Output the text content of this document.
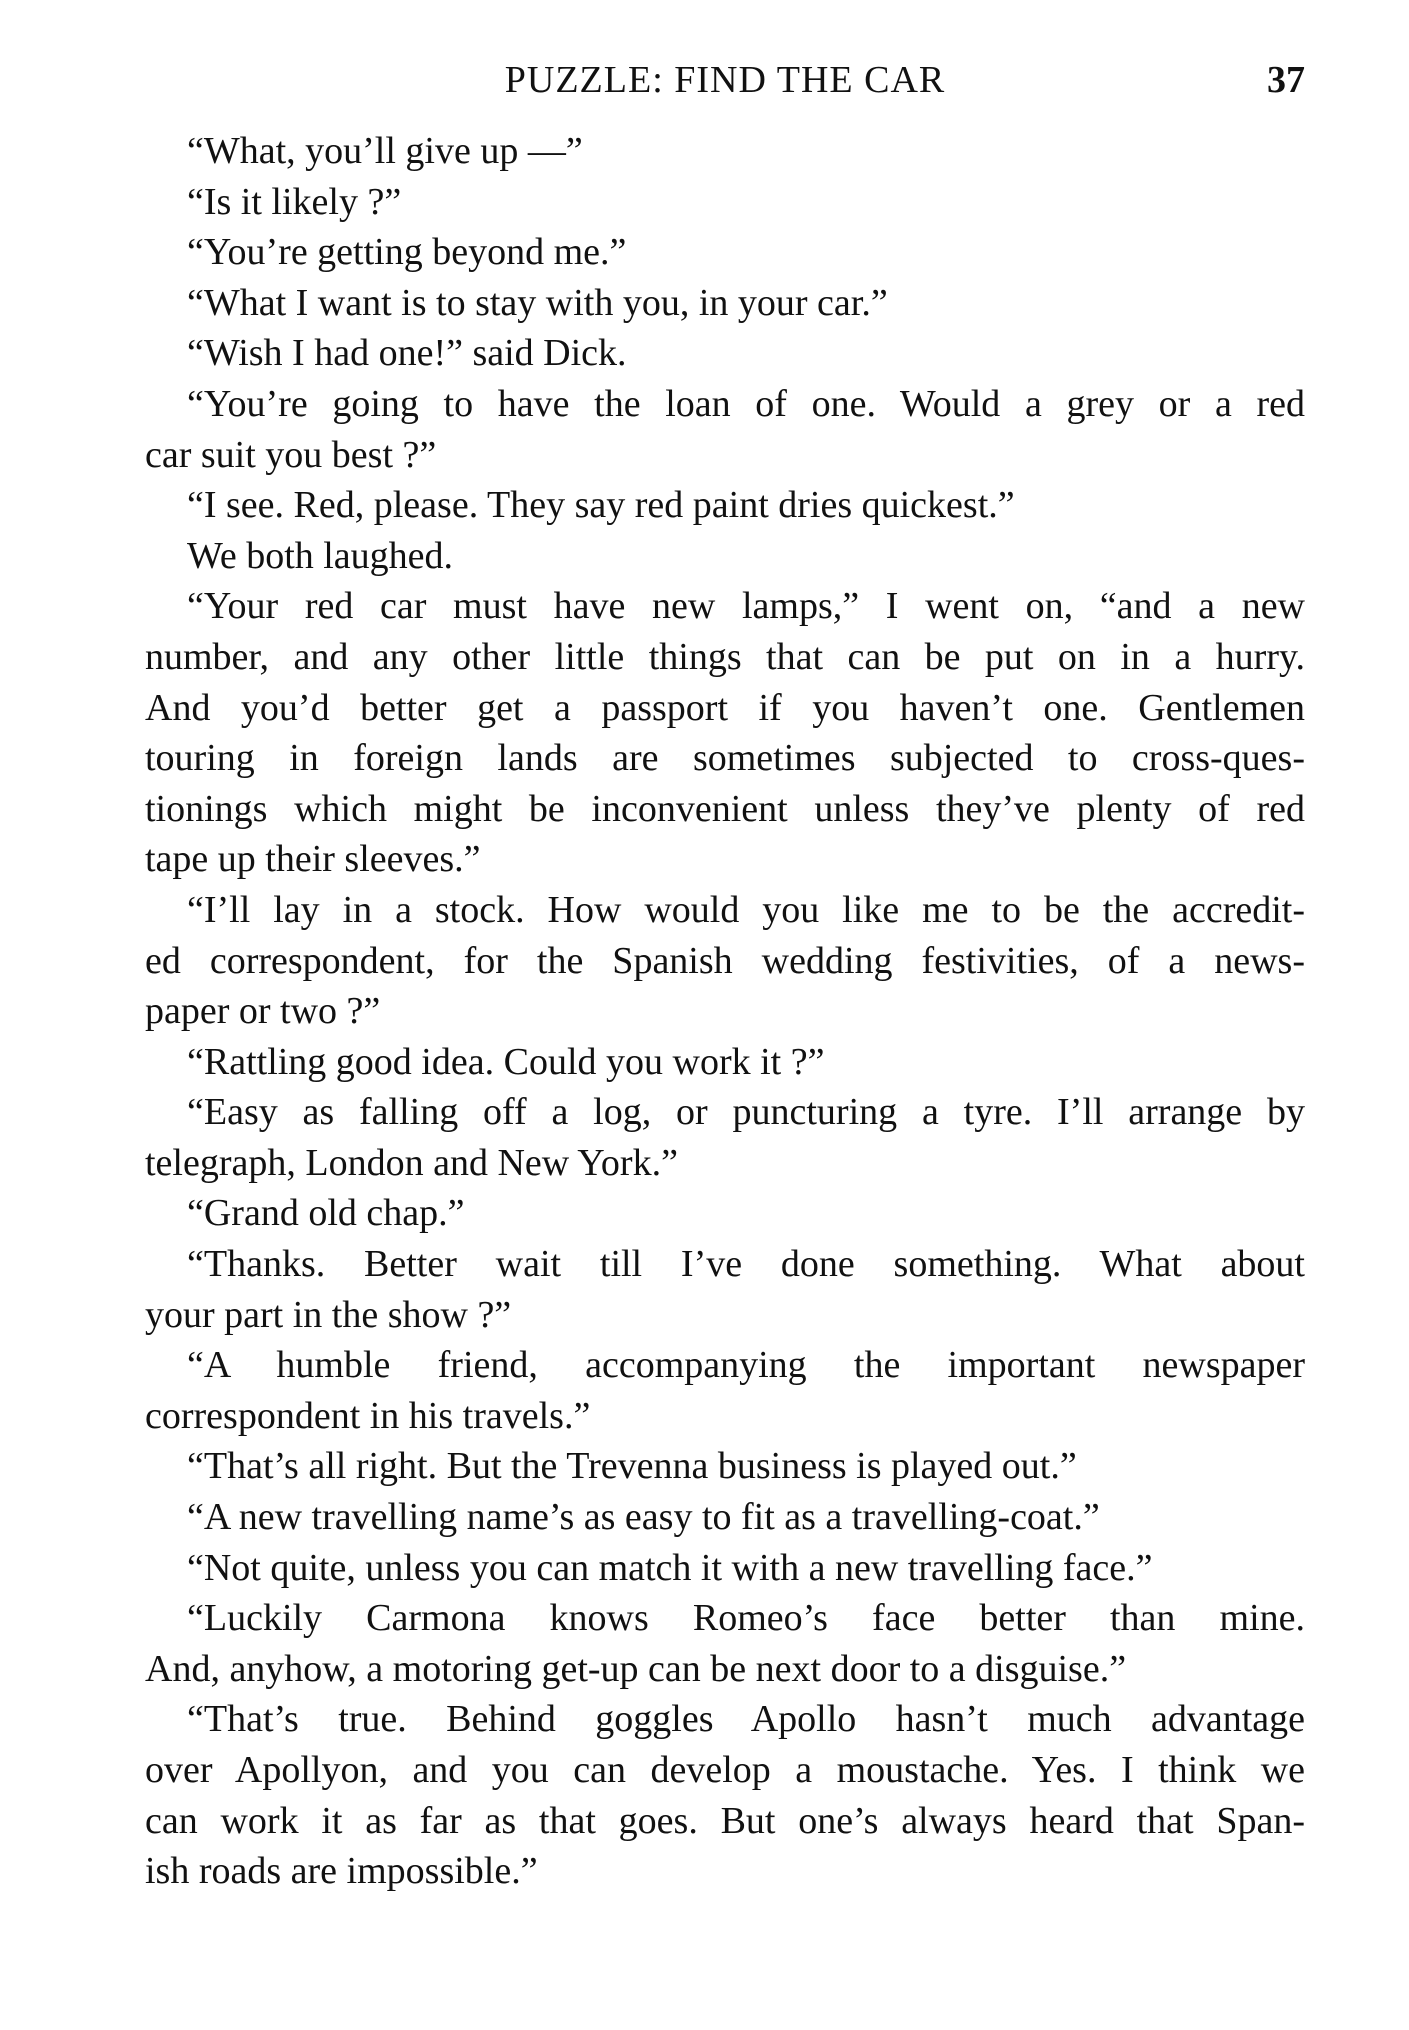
PUZZLE: FIND THE CAR	37
“What, you’ll give up —”
“Is it likely ?”
“You’re getting beyond me.”
“What I want is to stay with you, in your car.”
“Wish I had one!” said Dick.
“You’re going to have the loan of one. Would a grey or a red
car suit you best ?”
“I see. Red, please. They say red paint dries quickest.”
We both laughed.
“Your red car must have new lamps,” I went on, “and a new
number, and any other little things that can be put on in a hurry.
And you’d better get a passport if you haven’t one. Gentlemen
touring in foreign lands are sometimes subjected to cross-ques-
tionings which might be inconvenient unless they’ve plenty of red
tape up their sleeves.”
“I’ll lay in a stock. How would you like me to be the accredit-
ed correspondent, for the Spanish wedding festivities, of a news-
paper or two ?”
“Rattling good idea. Could you work it ?”
“Easy as falling off a log, or puncturing a tyre. I’ll arrange by
telegraph, London and New York.”
“Grand old chap.”
“Thanks. Better wait till I’ve done something. What about
your part in the show ?”
“A humble friend, accompanying the important newspaper
correspondent in his travels.”
“That’s all right. But the Trevenna business is played out.”
“A new travelling name’s as easy to fit as a travelling-coat.”
“Not quite, unless you can match it with a new travelling face.”
“Luckily Carmona knows Romeo’s face better than mine.
And, anyhow, a motoring get-up can be next door to a disguise.”
“That’s true. Behind goggles Apollo hasn’t much advantage
over Apollyon, and you can develop a moustache. Yes. I think we
can work it as far as that goes. But one’s always heard that Span-
ish roads are impossible.”
